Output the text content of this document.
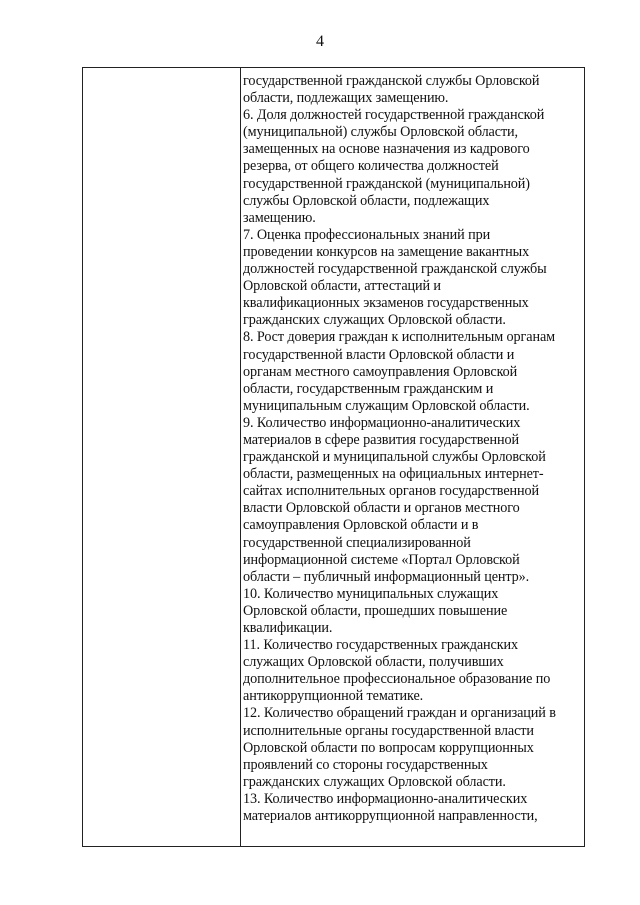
4
государственной гражданской службы Орловской
области, подлежащих замещению.
6. Доля должностей государственной гражданской
(муниципальной) службы Орловской области,
замещенных на основе назначения из кадрового
резерва, от общего количества должностей
государственной гражданской (муниципальной)
службы Орловской области, подлежащих
замещению.
7. Оценка профессиональных знаний при
проведении конкурсов на замещение вакантных
должностей государственной гражданской службы
Орловской области, аттестаций и
квалификационных экзаменов государственных
гражданских служащих Орловской области.
8. Рост доверия граждан к исполнительным органам
государственной власти Орловской области и
органам местного самоуправления Орловской
области, государственным гражданским и
муниципальным служащим Орловской области.
9. Количество информационно-аналитических
материалов в сфере развития государственной
гражданской и муниципальной службы Орловской
области, размещенных на официальных интернет-
сайтах исполнительных органов государственной
власти Орловской области и органов местного
самоуправления Орловской области и в
государственной специализированной
информационной системе «Портал Орловской
области – публичный информационный центр».
10. Количество муниципальных служащих
Орловской области, прошедших повышение
квалификации.
11. Количество государственных гражданских
служащих Орловской области, получивших
дополнительное профессиональное образование по
антикоррупционной тематике.
12. Количество обращений граждан и организаций в
исполнительные органы государственной власти
Орловской области по вопросам коррупционных
проявлений со стороны государственных
гражданских служащих Орловской области.
13. Количество информационно-аналитических
материалов антикоррупционной направленности,
